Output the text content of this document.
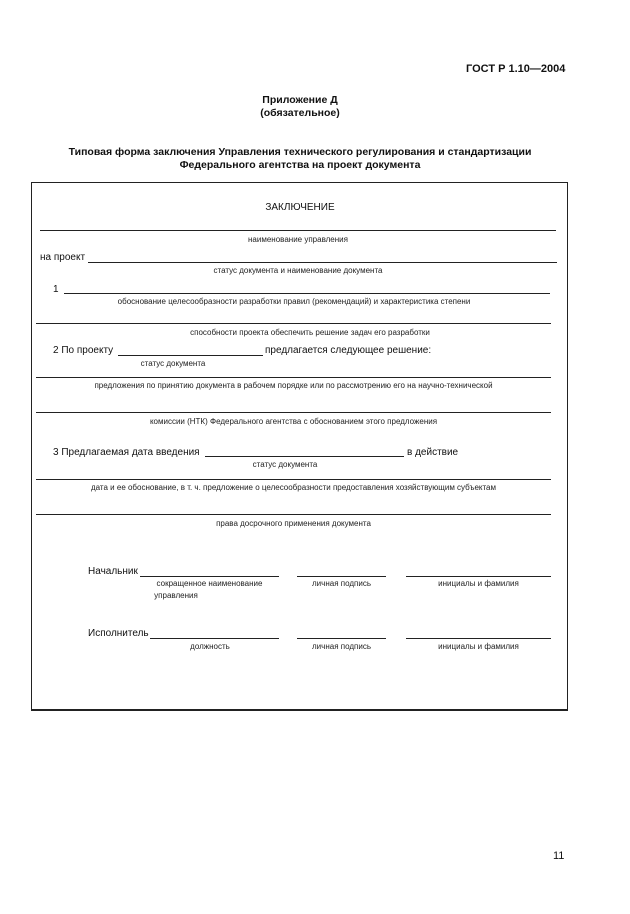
ГОСТ Р 1.10—2004
Приложение Д
(обязательное)
Типовая форма заключения Управления технического регулирования и стандартизации
Федерального агентства на проект документа
ЗАКЛЮЧЕНИЕ
наименование управления
на проект
статус документа и наименование документа
1
обоснование целесообразности разработки правил (рекомендаций) и характеристика степени
способности проекта обеспечить решение задач его разработки
2 По проекту	предлагается следующее решение:
статус документа
предложения по принятию документа в рабочем порядке или по рассмотрению его на научно-технической
комиссии (НТК) Федерального агентства с обоснованием этого предложения
3 Предлагаемая дата введения	в действие
статус документа
дата и ее обоснование, в т. ч. предложение о целесообразности предоставления хозяйствующим субъектам
права досрочного применения документа
Начальник
сокращенное наименование
управления
личная подпись	инициалы и фамилия
Исполнитель
должность	личная подпись	инициалы и фамилия
11
